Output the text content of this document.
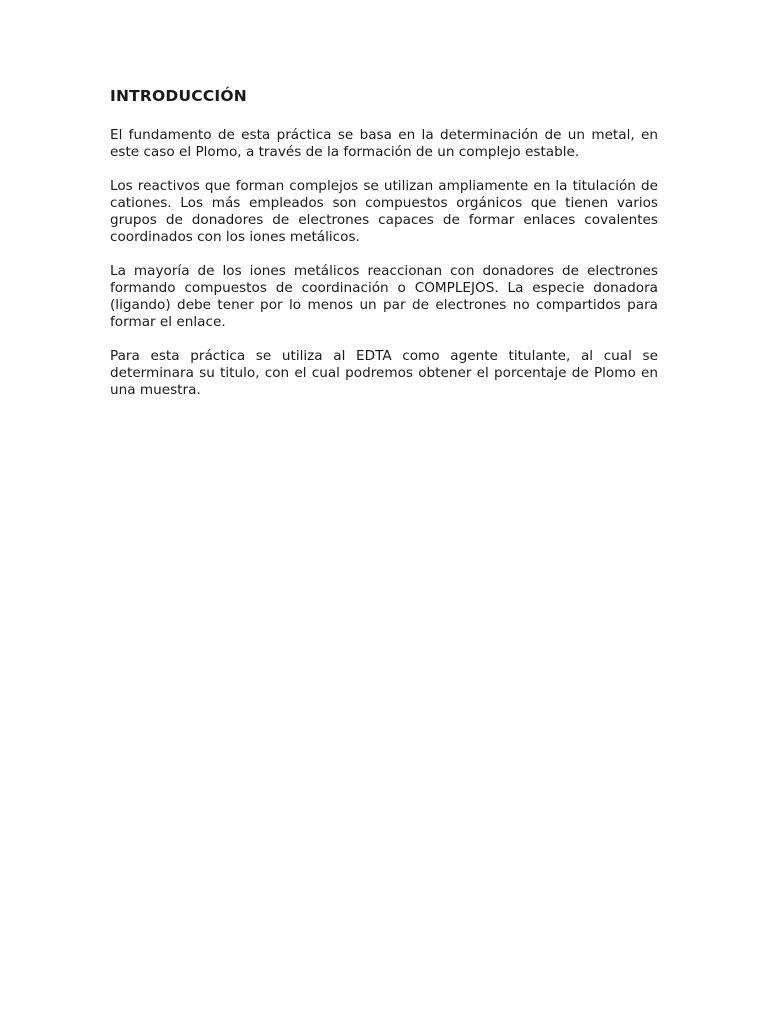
INTRODUCCIÓN

El fundamento de esta práctica se basa en la determinación de un metal, en este caso el Plomo, a través de la formación de un complejo estable.

Los reactivos que forman complejos se utilizan ampliamente en la titulación de cationes. Los más empleados son compuestos orgánicos que tienen varios grupos de donadores de electrones capaces de formar enlaces covalentes coordinados con los iones metálicos.

La mayoría de los iones metálicos reaccionan con donadores de electrones formando compuestos de coordinación o COMPLEJOS. La especie donadora (ligando) debe tener por lo menos un par de electrones no compartidos para formar el enlace.

Para esta práctica se utiliza al EDTA como agente titulante, al cual se determinara su titulo, con el cual podremos obtener el porcentaje de Plomo en una muestra.
